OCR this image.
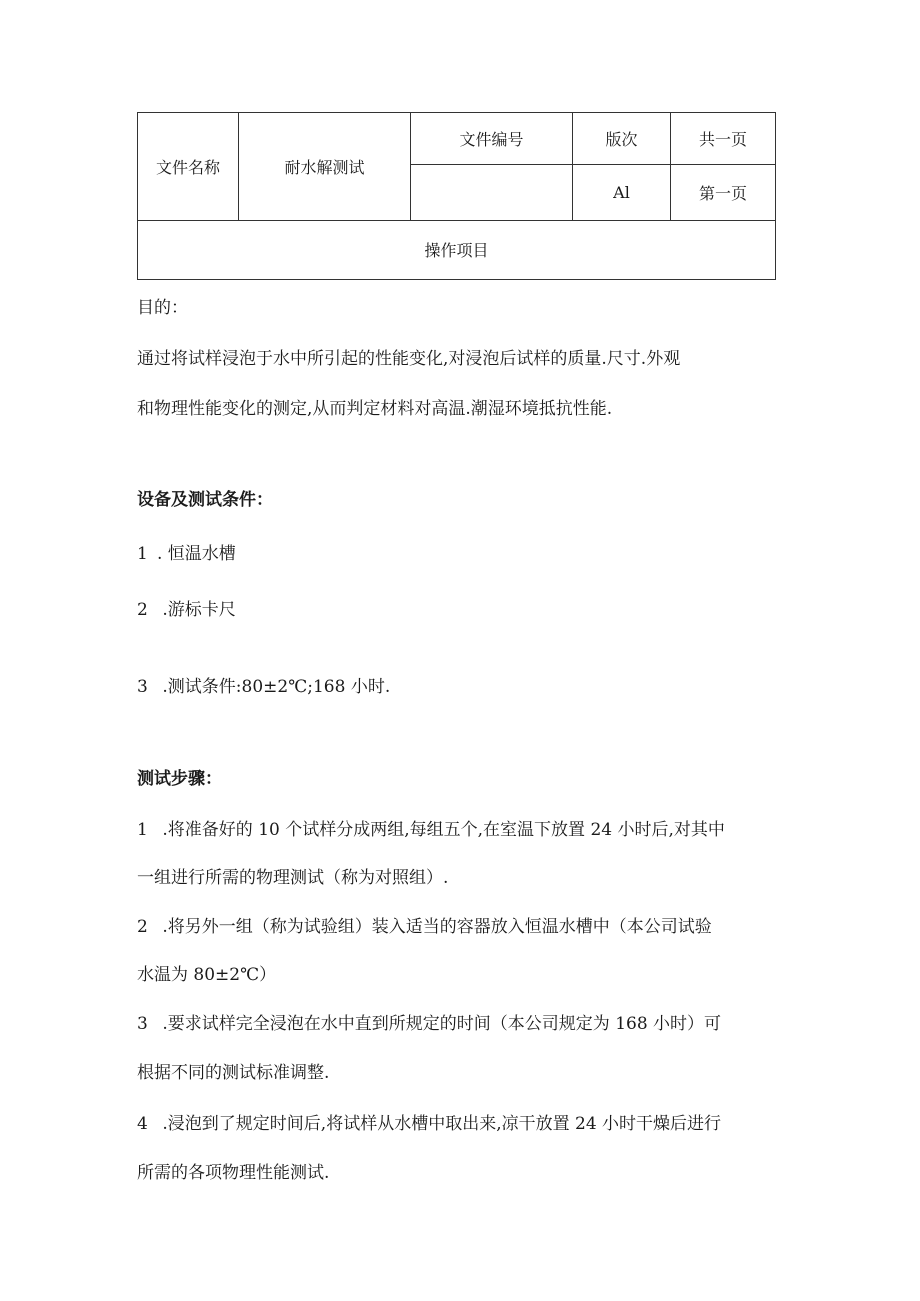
文件名称	耐水解测试	文件编号	版次	共一页
			Al	第一页
操作项目				
目的：
通过将试样浸泡于水中所引起的性能变化,对浸泡后试样的质量.尺寸.外观
和物理性能变化的测定,从而判定材料对高温.潮湿环境抵抗性能.
设备及测试条件：
1 . 恒温水槽
2 .游标卡尺
3 .测试条件:80±2℃;168 小时.
测试步骤：
1 .将准备好的 10 个试样分成两组,每组五个,在室温下放置 24 小时后,对其中
一组进行所需的物理测试（称为对照组）.
2 .将另外一组（称为试验组）装入适当的容器放入恒温水槽中（本公司试验
水温为 80±2℃）
3 .要求试样完全浸泡在水中直到所规定的时间（本公司规定为 168 小时）可
根据不同的测试标准调整.
4 .浸泡到了规定时间后,将试样从水槽中取出来,凉干放置 24 小时干燥后进行
所需的各项物理性能测试.
